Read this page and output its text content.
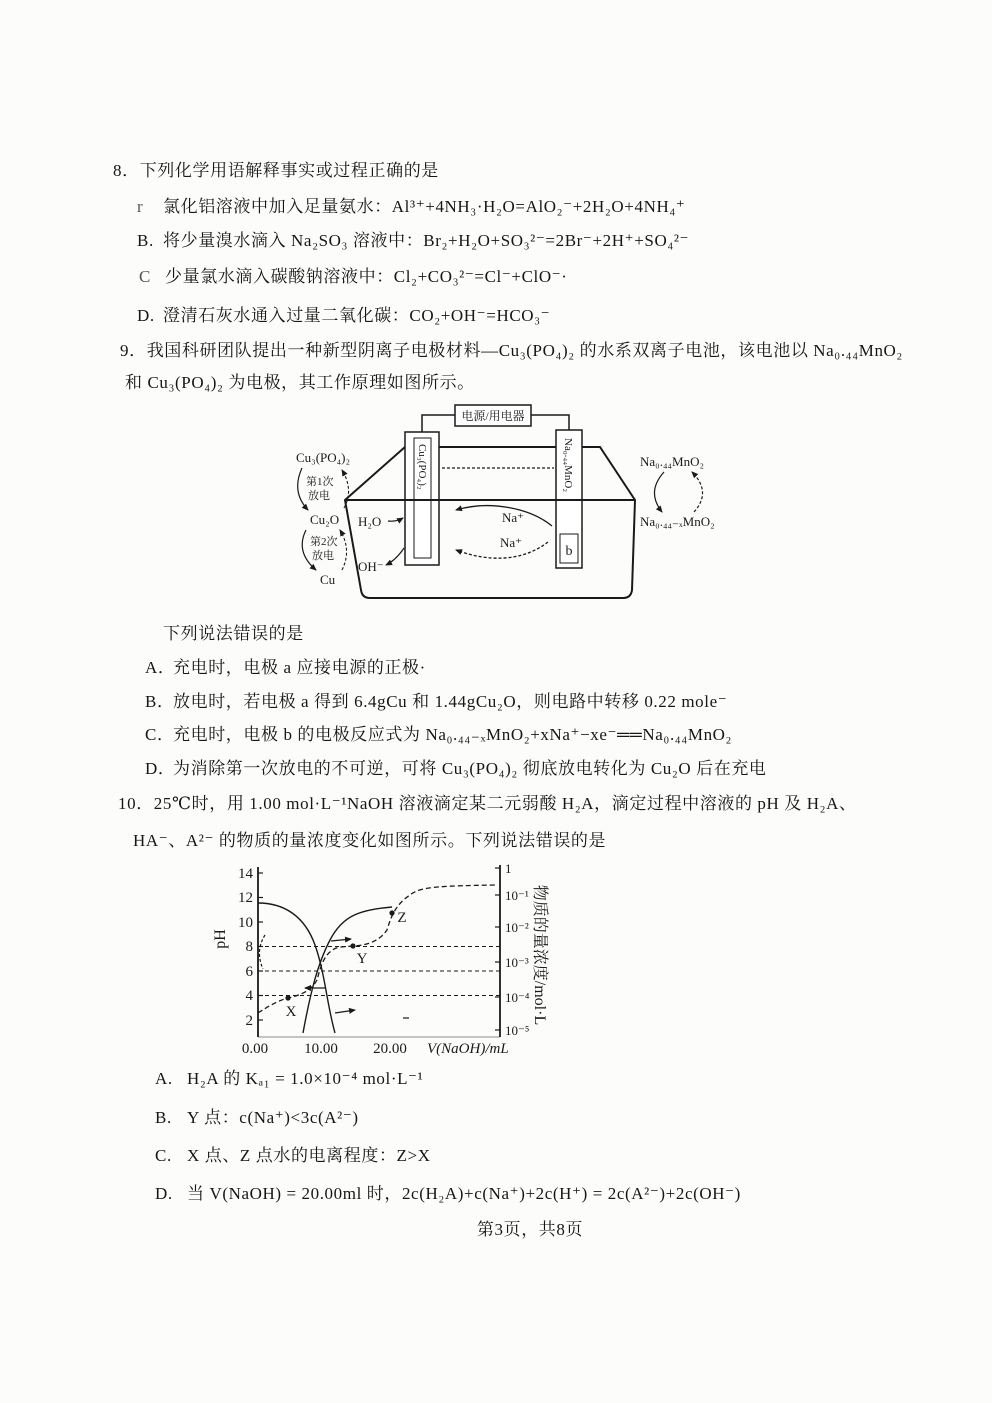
8．下列化学用语解释事实或过程正确的是
r 氯化铝溶液中加入足量氨水：Al³⁺+4NH₃·H₂O=AlO₂⁻+2H₂O+4NH₄⁺
B. 将少量溴水滴入 Na₂SO₃ 溶液中：Br₂+H₂O+SO₃²⁻=2Br⁻+2H⁺+SO₄²⁻
C 少量氯水滴入碳酸钠溶液中：Cl₂+CO₃²⁻=Cl⁻+ClO⁻·
D. 澄清石灰水通入过量二氧化碳：CO₂+OH⁻=HCO₃⁻
9．我国科研团队提出一种新型阴离子电极材料—Cu₃(PO₄)₂ 的水系双离子电池，该电池以 Na₀.₄₄MnO₂
和 Cu₃(PO₄)₂ 为电极，其工作原理如图所示。
电源/用电器
Cu₃(PO₄)₂	Na₀.₄₄MnO₂
b
Na⁺
Na⁺
H₂O
OH⁻
Cu₃(PO₄)₂
第1次
放电
Cu₂O
第2次
放电
Cu
Na₀.₄₄MnO₂
Na₀.₄₄₋ₓMnO₂
下列说法错误的是
A．充电时，电极 a 应接电源的正极·
B．放电时，若电极 a 得到 6.4gCu 和 1.44gCu₂O，则电路中转移 0.22 mole⁻
C．充电时，电极 b 的电极反应式为 Na₀.₄₄₋ₓMnO₂+xNa⁺−xe⁻══Na₀.₄₄MnO₂
D．为消除第一次放电的不可逆，可将 Cu₃(PO₄)₂ 彻底放电转化为 Cu₂O 后在充电
10．25℃时，用 1.00 mol·L⁻¹NaOH 溶液滴定某二元弱酸 H₂A，滴定过程中溶液的 pH 及 H₂A、
HA⁻、A²⁻ 的物质的量浓度变化如图所示。下列说法错误的是
14
12
10
8
6
4
2
pH
1
10⁻¹
10⁻²
10⁻³
10⁻⁴
10⁻⁵
物质的量浓度/mol·L
0.00 10.00 20.00 V(NaOH)/mL
X
Y
Z
A. H₂A 的 Kₐ₁ = 1.0×10⁻⁴ mol·L⁻¹
B. Y 点：c(Na⁺)<3c(A²⁻)
C. X 点、Z 点水的电离程度：Z>X
D. 当 V(NaOH) = 20.00ml 时，2c(H₂A)+c(Na⁺)+2c(H⁺) = 2c(A²⁻)+2c(OH⁻)
第3页，共8页
